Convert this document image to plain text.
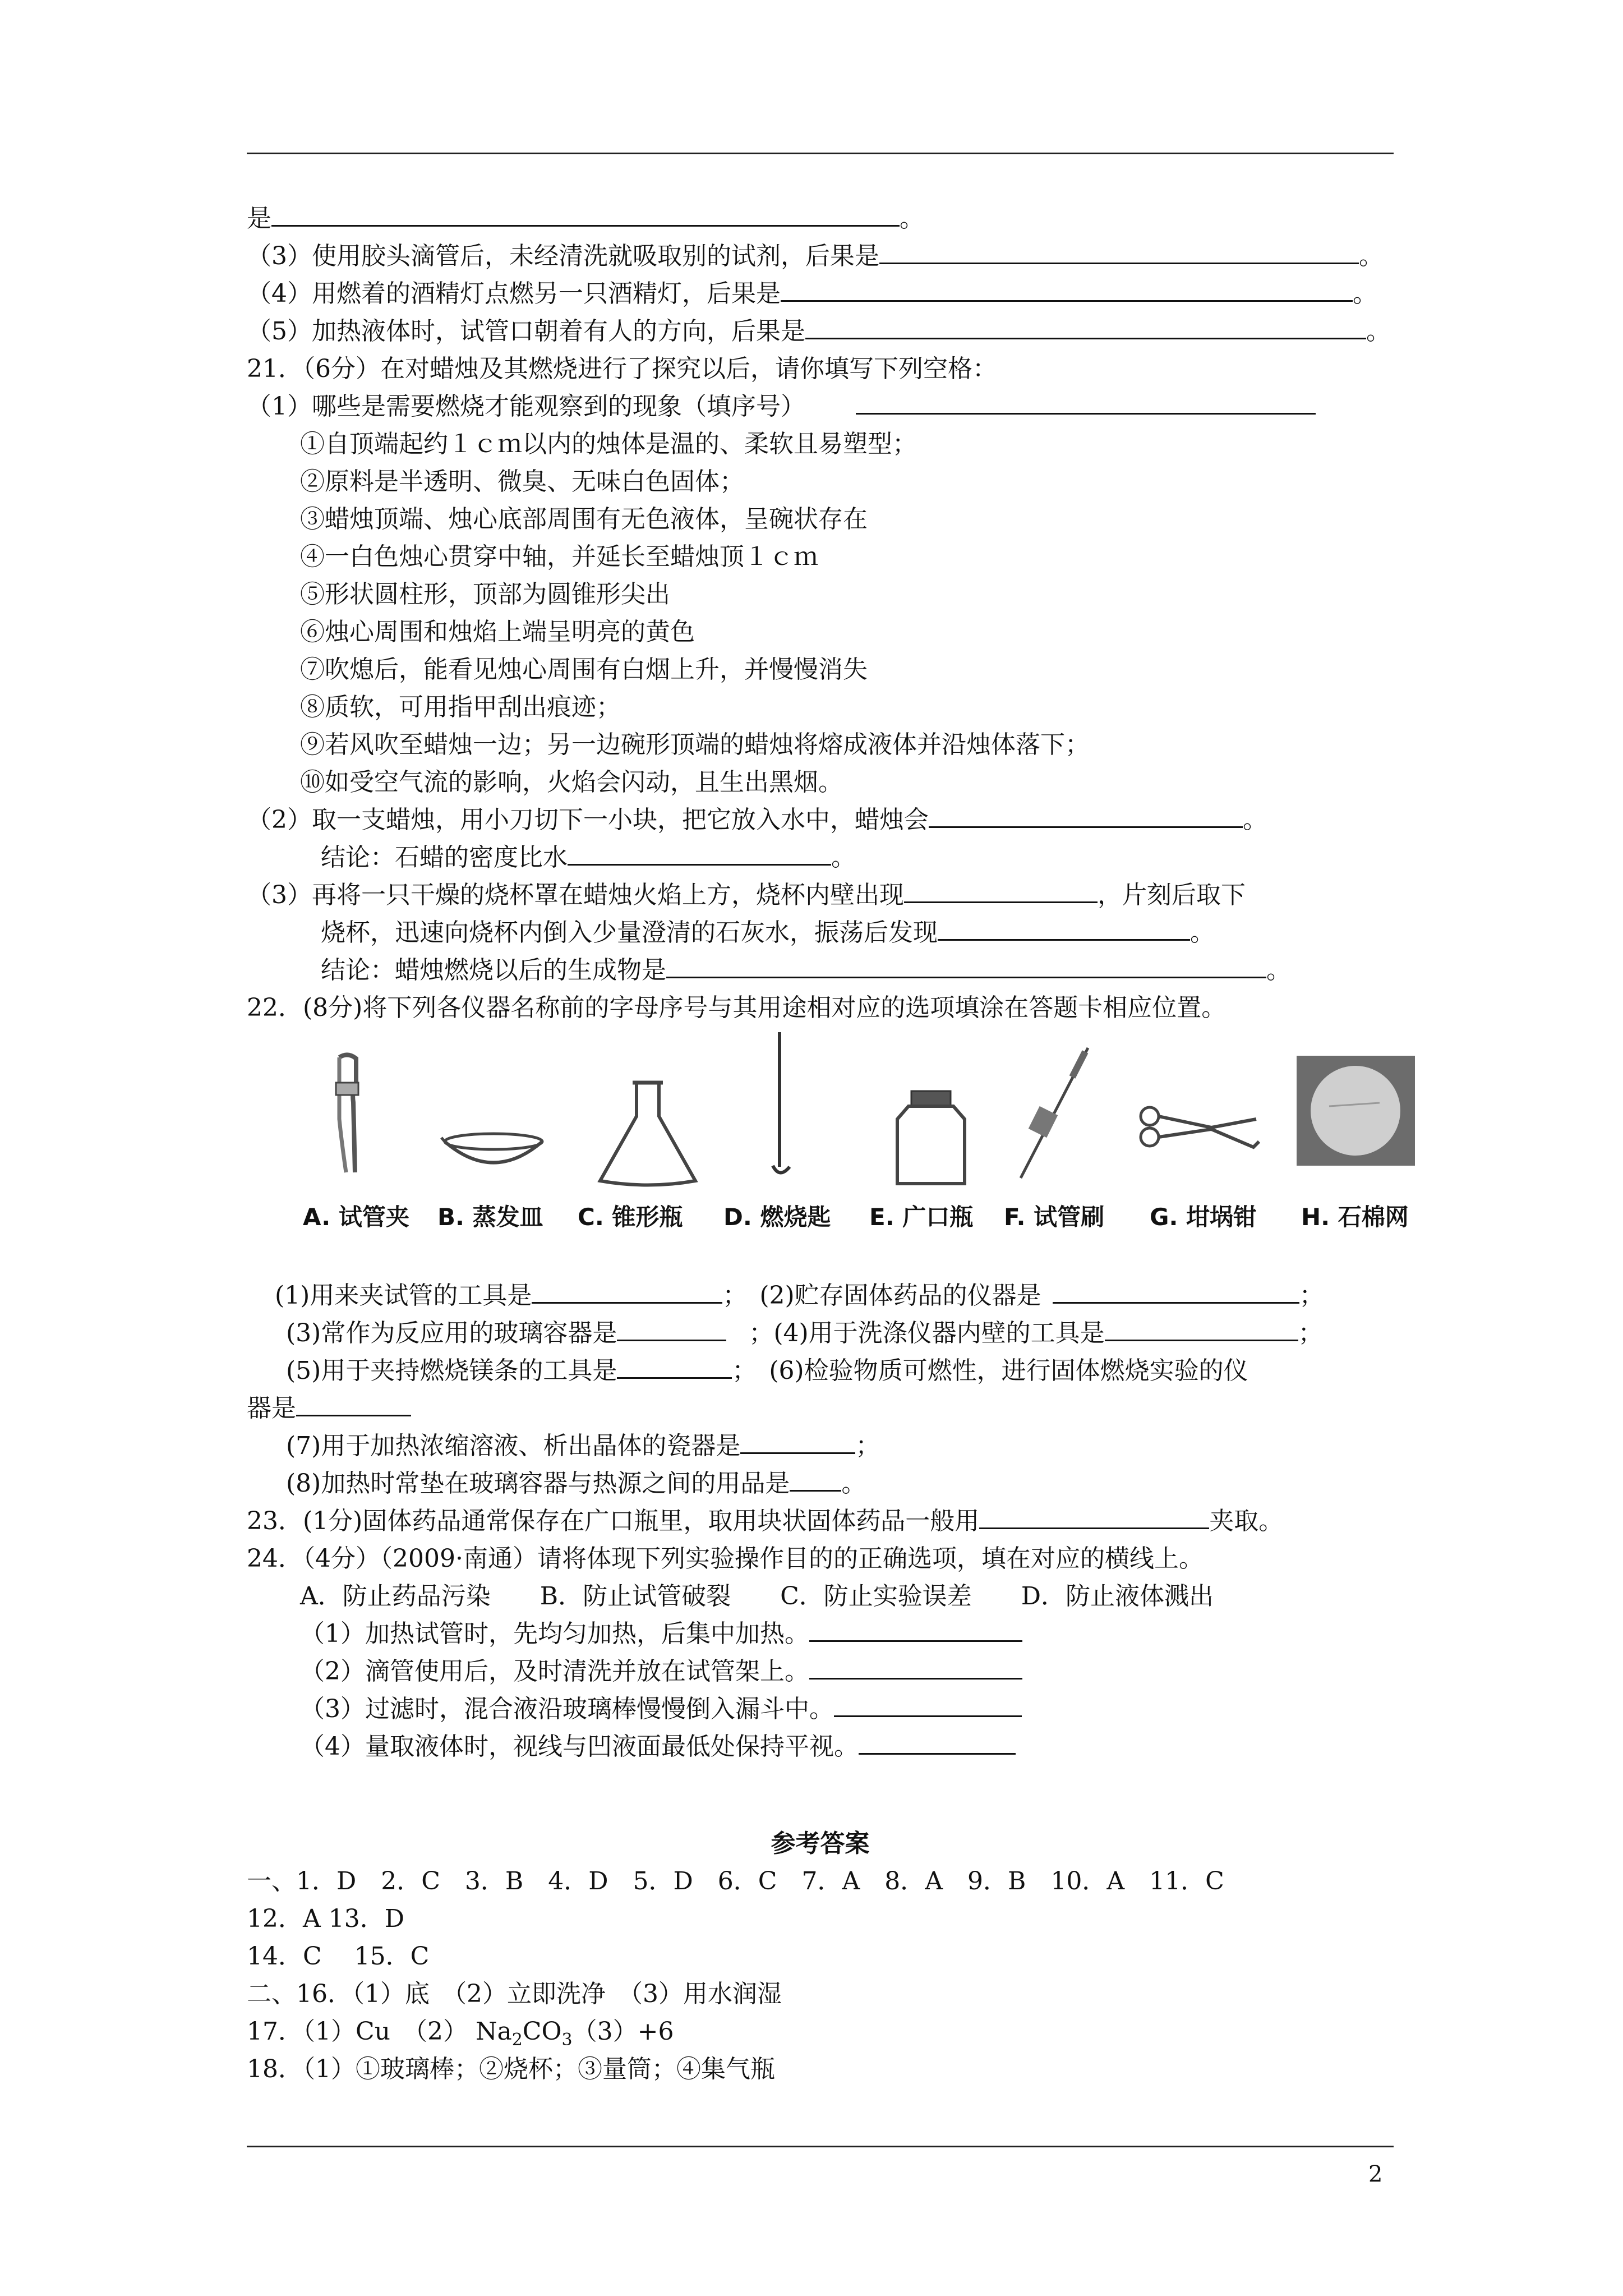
是	。
（3）使用胶头滴管后，未经清洗就吸取别的试剂，后果是	。
（4）用燃着的酒精灯点燃另一只酒精灯，后果是	。
（5）加热液体时，试管口朝着有人的方向，后果是	。
21．（6分）在对蜡烛及其燃烧进行了探究以后，请你填写下列空格：
（1）哪些是需要燃烧才能观察到的现象（填序号）
①自顶端起约１ｃｍ以内的烛体是温的、柔软且易塑型；
②原料是半透明、微臭、无味白色固体；
③蜡烛顶端、烛心底部周围有无色液体，呈碗状存在
④一白色烛心贯穿中轴，并延长至蜡烛顶１ｃｍ
⑤形状圆柱形，顶部为圆锥形尖出
⑥烛心周围和烛焰上端呈明亮的黄色
⑦吹熄后，能看见烛心周围有白烟上升，并慢慢消失
⑧质软，可用指甲刮出痕迹；
⑨若风吹至蜡烛一边；另一边碗形顶端的蜡烛将熔成液体并沿烛体落下；
⑩如受空气流的影响，火焰会闪动，且生出黑烟。
（2）取一支蜡烛，用小刀切下一小块，把它放入水中，蜡烛会	。
结论：石蜡的密度比水	。
（3）再将一只干燥的烧杯罩在蜡烛火焰上方，烧杯内壁出现	，片刻后取下
烧杯，迅速向烧杯内倒入少量澄清的石灰水，振荡后发现	。
结论：蜡烛燃烧以后的生成物是	。
22．(8分)将下列各仪器名称前的字母序号与其用途相对应的选项填涂在答题卡相应位置。
A. 试管夹 B. 蒸发皿 C. 锥形瓶 D. 燃烧匙 E. 广口瓶 F. 试管刷 G. 坩埚钳 H. 石棉网
(1)用来夹试管的工具是	；　(2)贮存固体药品的仪器是	；
(3)常作为反应用的玻璃容器是	；(4)用于洗涤仪器内壁的工具是	；
(5)用于夹持燃烧镁条的工具是	；　(6)检验物质可燃性，进行固体燃烧实验的仪
器是
(7)用于加热浓缩溶液、析出晶体的瓷器是	；
(8)加热时常垫在玻璃容器与热源之间的用品是 。
23．(1分)固体药品通常保存在广口瓶里，取用块状固体药品一般用	夹取。
24．（4分）（2009·南通）请将体现下列实验操作目的的正确选项，填在对应的横线上。
A．防止药品污染　　B．防止试管破裂　　C．防止实验误差　　D．防止液体溅出
（1）加热试管时，先均匀加热，后集中加热。
（2）滴管使用后，及时清洗并放在试管架上。
（3）过滤时，混合液沿玻璃棒慢慢倒入漏斗中。
（4）量取液体时，视线与凹液面最低处保持平视。
参考答案
一、1．D　2．C　3．B　4．D　5．D　6．C　7．A　8．A　9．B　10．A　11．C
12．A 13．D
14．C　 15．C
二、16．（1）底　（2）立即洗净　（3）用水润湿
17．（1）Cu　（2） $Na_2CO_3(3)+6$
18．（1）①玻璃棒；②烧杯；③量筒；④集气瓶
2
